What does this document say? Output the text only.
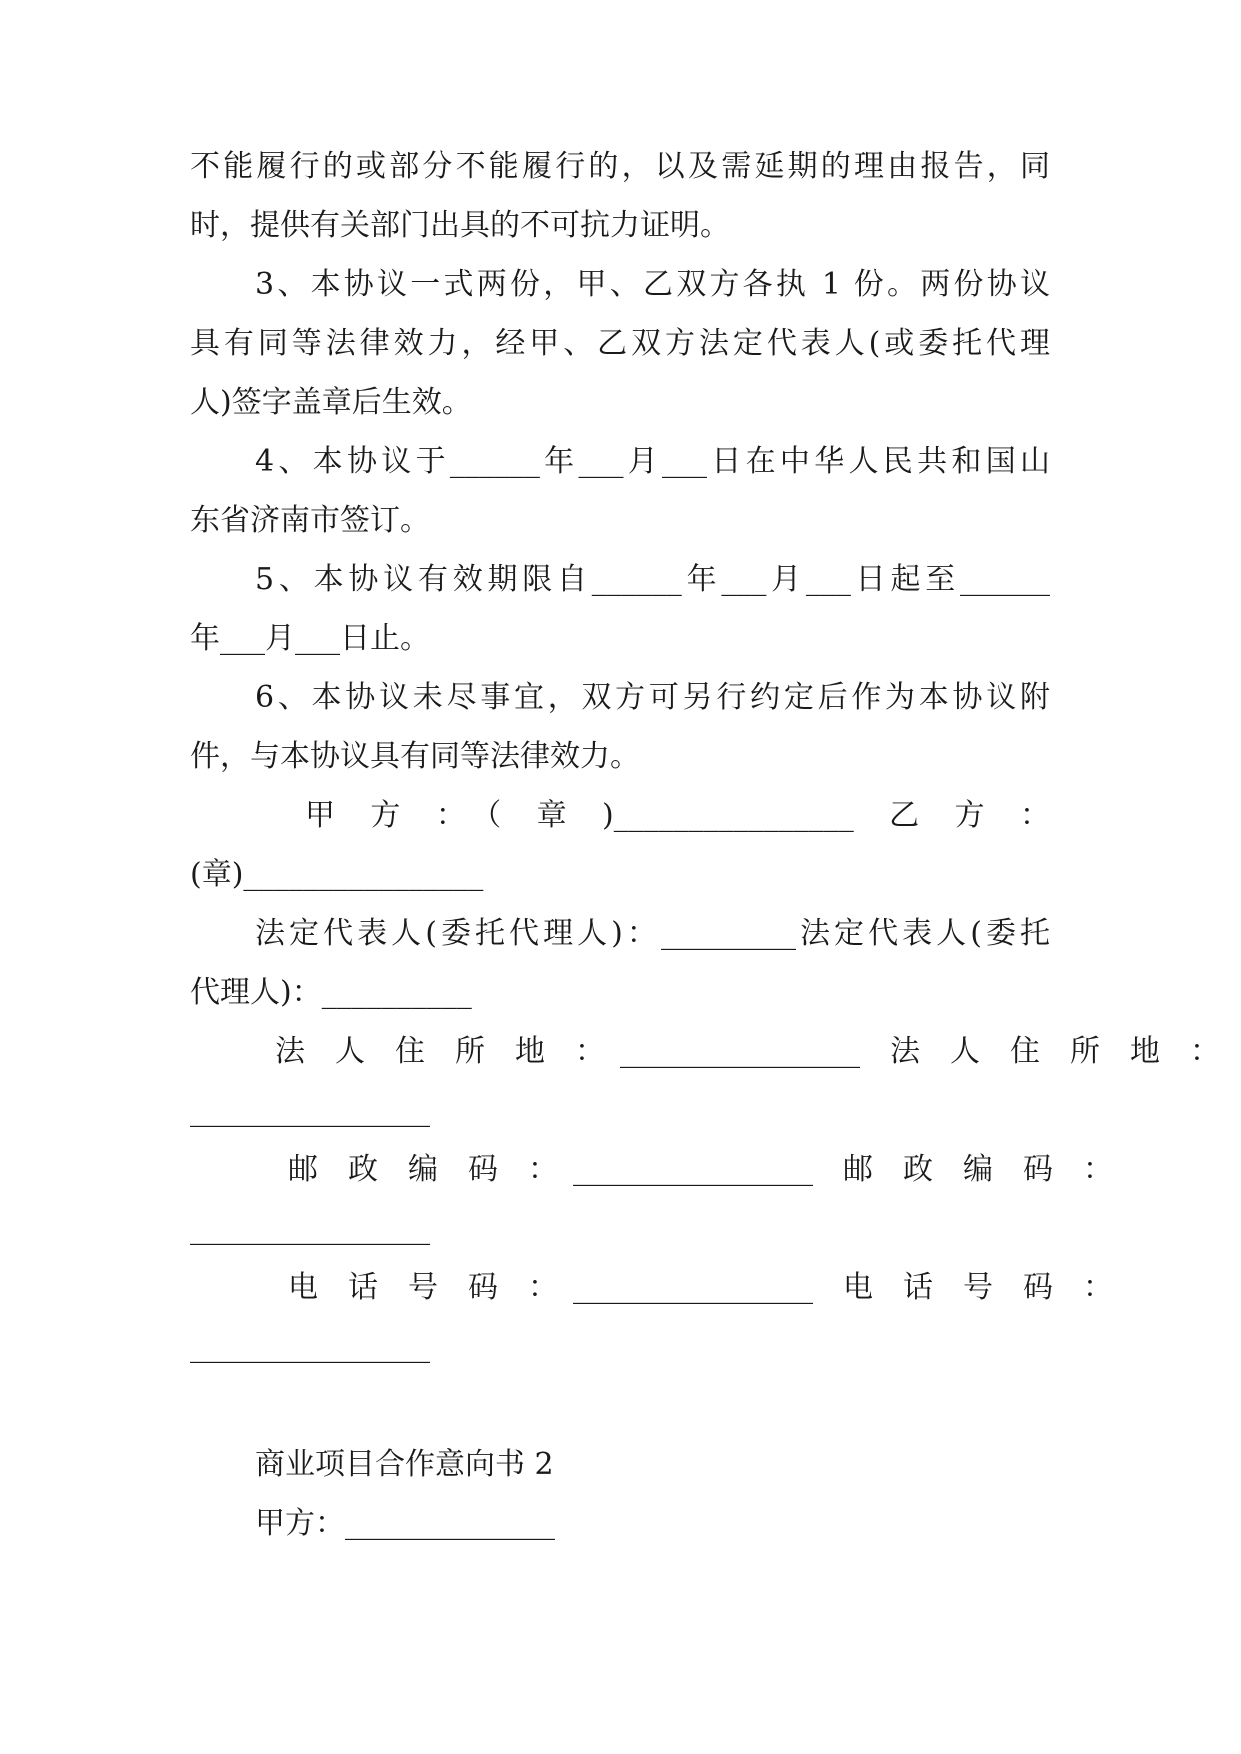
不能履行的或部分不能履行的，以及需延期的理由报告，同
时，提供有关部门出具的不可抗力证明。
3、本协议一式两份，甲、乙双方各执 1 份。两份协议
具有同等法律效力，经甲、乙双方法定代表人(或委托代理
人)签字盖章后生效。
4、本协议于______年___月___日在中华人民共和国山
东省济南市签订。
5、本协议有效期限自______年___月___日起至______
年___月___日止。
6、本协议未尽事宜，双方可另行约定后作为本协议附
件，与本协议具有同等法律效力。
甲　方　：　（　章　)________________　乙　方　：
(章)________________
法定代表人(委托代理人)：_________法定代表人(委托
代理人)：__________
法　人　住　所　地　：　________________　法　人　住　所　地　：
________________
邮　政　编　码　：　________________　邮　政　编　码　：
________________
电　话　号　码　：　________________　电　话　号　码　：
________________
商业项目合作意向书 2
甲方：______________
